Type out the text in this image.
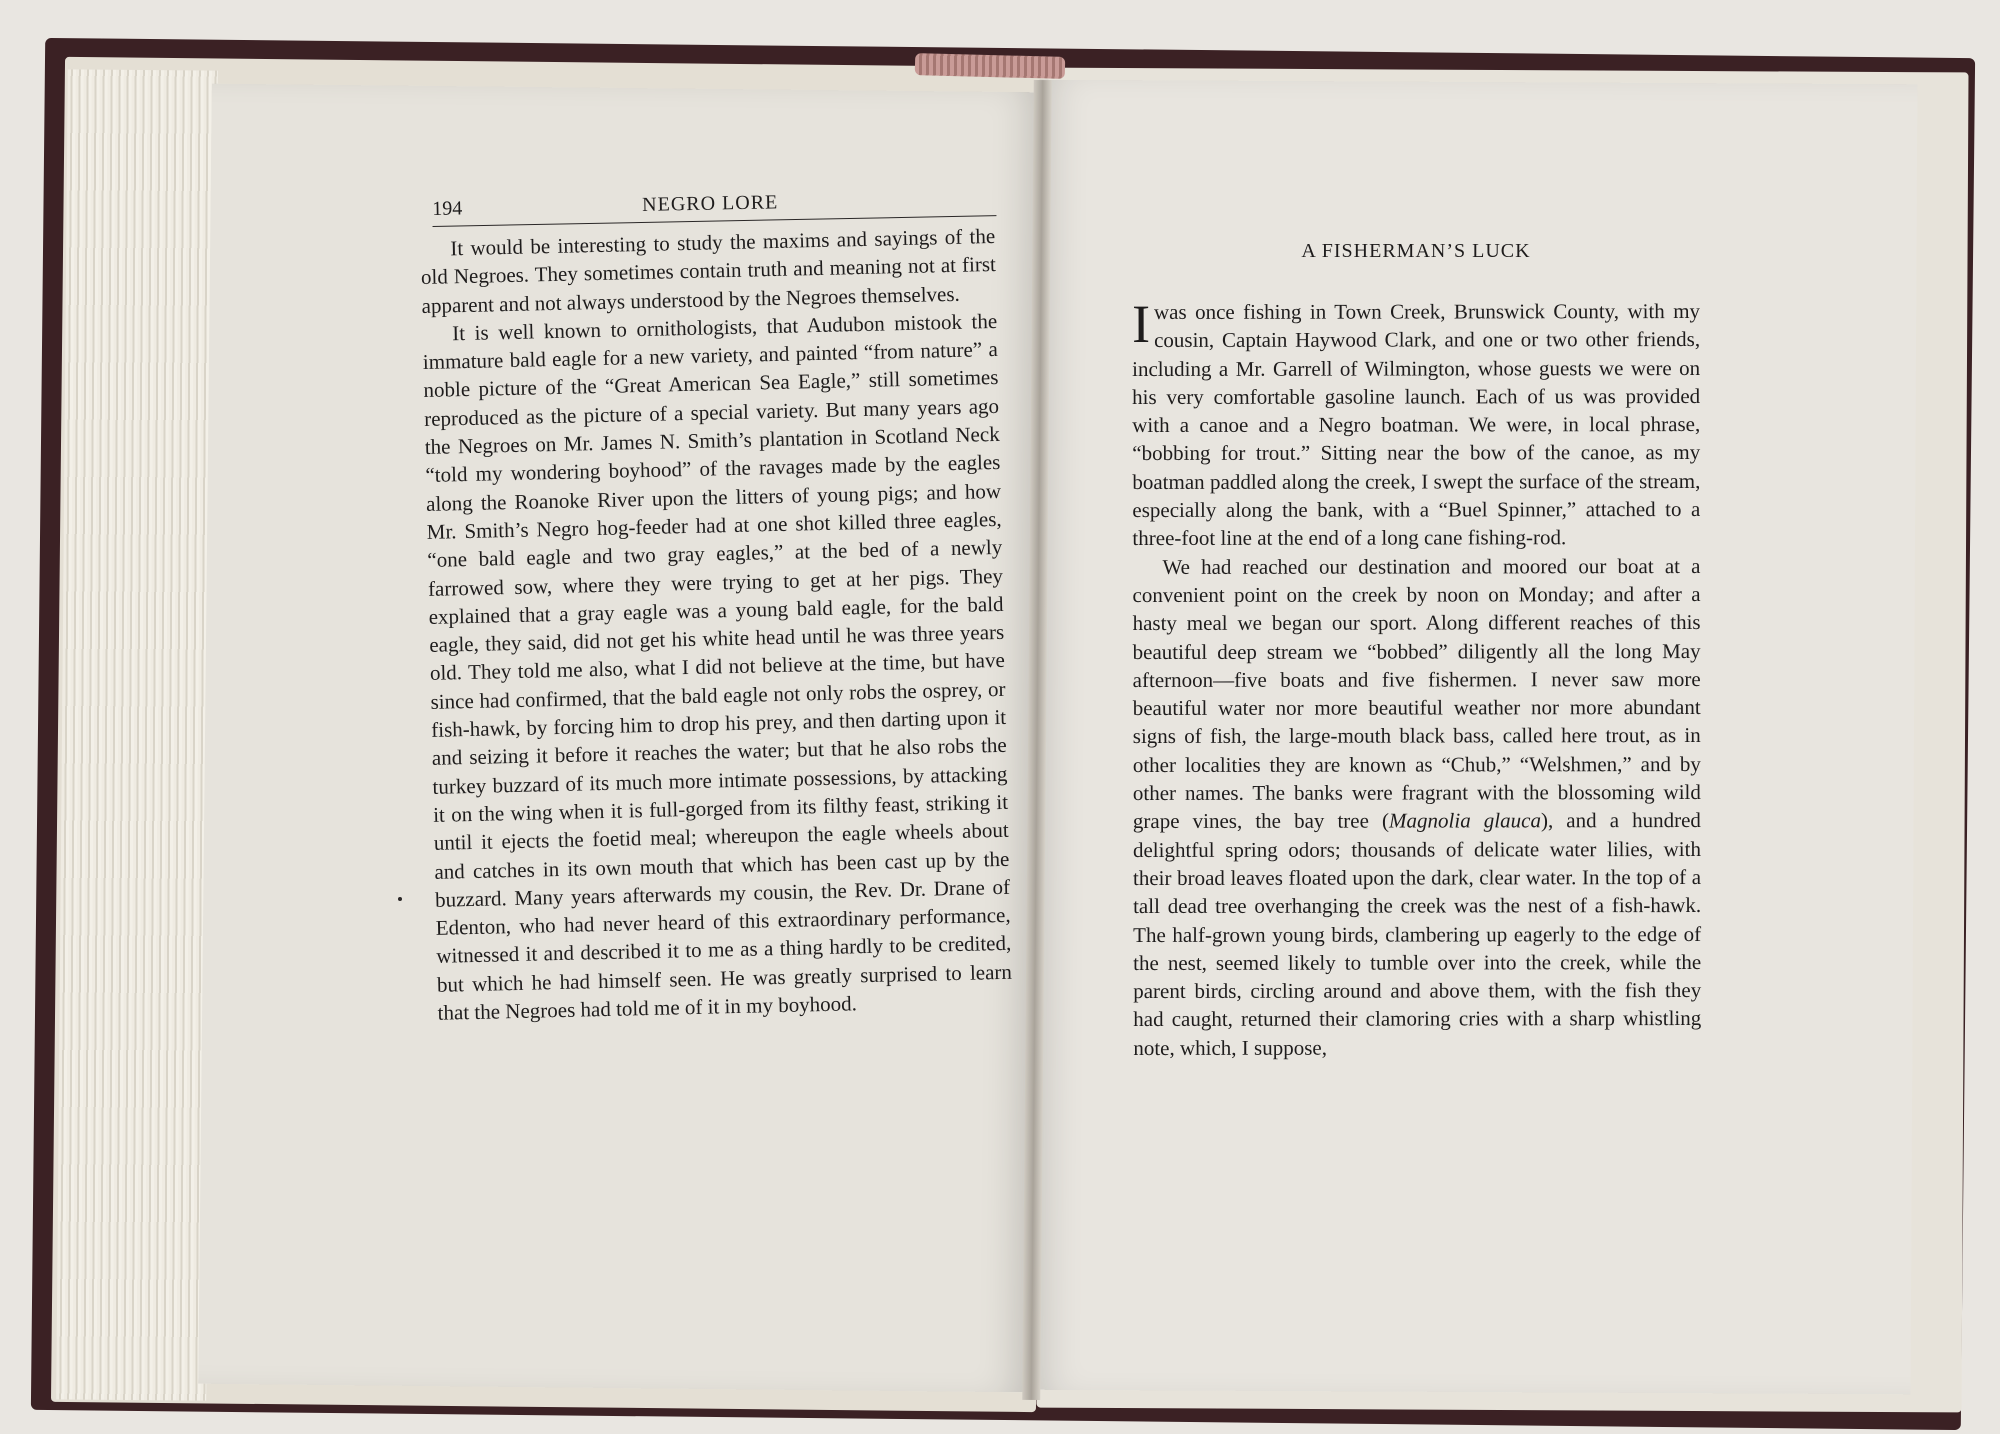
194	NEGRO LORE

It would be interesting to study the maxims and sayings of the old Negroes. They sometimes contain truth and meaning not at first apparent and not always understood by the Negroes themselves.

It is well known to ornithologists, that Audubon mistook the immature bald eagle for a new variety, and painted “from nature” a noble picture of the “Great American Sea Eagle,” still sometimes reproduced as the picture of a special variety. But many years ago the Negroes on Mr. James N. Smith’s plantation in Scotland Neck “told my wondering boyhood” of the ravages made by the eagles along the Roanoke River upon the litters of young pigs; and how Mr. Smith’s Negro hog-feeder had at one shot killed three eagles, “one bald eagle and two gray eagles,” at the bed of a newly farrowed sow, where they were trying to get at her pigs. They explained that a gray eagle was a young bald eagle, for the bald eagle, they said, did not get his white head until he was three years old. They told me also, what I did not believe at the time, but have since had confirmed, that the bald eagle not only robs the osprey, or fish-hawk, by forcing him to drop his prey, and then darting upon it and seizing it before it reaches the water; but that he also robs the turkey buzzard of its much more intimate possessions, by attacking it on the wing when it is full-gorged from its filthy feast, striking it until it ejects the foetid meal; whereupon the eagle wheels about and catches in its own mouth that which has been cast up by the buzzard. Many years afterwards my cousin, the Rev. Dr. Drane of Edenton, who had never heard of this extraordinary performance, witnessed it and described it to me as a thing hardly to be credited, but which he had himself seen. He was greatly surprised to learn that the Negroes had told me of it in my boyhood.

A FISHERMAN’S LUCK

I was once fishing in Town Creek, Brunswick County, with my cousin, Captain Haywood Clark, and one or two other friends, including a Mr. Garrell of Wilmington, whose guests we were on his very comfortable gasoline launch. Each of us was provided with a canoe and a Negro boatman. We were, in local phrase, “bobbing for trout.” Sitting near the bow of the canoe, as my boatman paddled along the creek, I swept the surface of the stream, especially along the bank, with a “Buel Spinner,” attached to a three-foot line at the end of a long cane fishing-rod.

We had reached our destination and moored our boat at a convenient point on the creek by noon on Monday; and after a hasty meal we began our sport. Along different reaches of this beautiful deep stream we “bobbed” diligently all the long May afternoon—five boats and five fishermen. I never saw more beautiful water nor more beautiful weather nor more abundant signs of fish, the large-mouth black bass, called here trout, as in other localities they are known as “Chub,” “Welshmen,” and by other names. The banks were fragrant with the blossoming wild grape vines, the bay tree (Magnolia glauca), and a hundred delightful spring odors; thousands of delicate water lilies, with their broad leaves floated upon the dark, clear water. In the top of a tall dead tree overhanging the creek was the nest of a fish-hawk. The half-grown young birds, clambering up eagerly to the edge of the nest, seemed likely to tumble over into the creek, while the parent birds, circling around and above them, with the fish they had caught, returned their clamoring cries with a sharp whistling note, which, I suppose,
